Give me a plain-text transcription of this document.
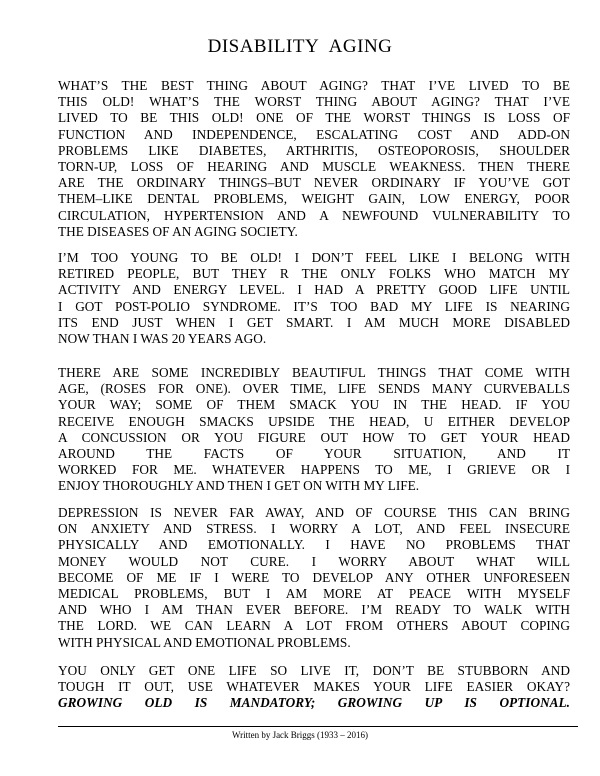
DISABILITY AGING
WHAT’S THE BEST THING ABOUT AGING? THAT I’VE LIVED TO BE
THIS OLD! WHAT’S THE WORST THING ABOUT AGING? THAT I’VE
LIVED TO BE THIS OLD! ONE OF THE WORST THINGS IS LOSS OF
FUNCTION AND INDEPENDENCE, ESCALATING COST AND ADD-ON
PROBLEMS LIKE DIABETES, ARTHRITIS, OSTEOPOROSIS, SHOULDER
TORN-UP, LOSS OF HEARING AND MUSCLE WEAKNESS. THEN THERE
ARE THE ORDINARY THINGS–BUT NEVER ORDINARY IF YOU’VE GOT
THEM–LIKE DENTAL PROBLEMS, WEIGHT GAIN, LOW ENERGY, POOR
CIRCULATION, HYPERTENSION AND A NEWFOUND VULNERABILITY TO
THE DISEASES OF AN AGING SOCIETY.
I’M TOO YOUNG TO BE OLD! I DON’T FEEL LIKE I BELONG WITH
RETIRED PEOPLE, BUT THEY R THE ONLY FOLKS WHO MATCH MY
ACTIVITY AND ENERGY LEVEL. I HAD A PRETTY GOOD LIFE UNTIL
I GOT POST-POLIO SYNDROME. IT’S TOO BAD MY LIFE IS NEARING
ITS END JUST WHEN I GET SMART. I AM MUCH MORE DISABLED
NOW THAN I WAS 20 YEARS AGO.
THERE ARE SOME INCREDIBLY BEAUTIFUL THINGS THAT COME WITH
AGE, (ROSES FOR ONE). OVER TIME, LIFE SENDS MANY CURVEBALLS
YOUR WAY; SOME OF THEM SMACK YOU IN THE HEAD. IF YOU
RECEIVE ENOUGH SMACKS UPSIDE THE HEAD, U EITHER DEVELOP
A CONCUSSION OR YOU FIGURE OUT HOW TO GET YOUR HEAD
AROUND THE FACTS OF YOUR SITUATION, AND IT
WORKED FOR ME. WHATEVER HAPPENS TO ME, I GRIEVE OR I
ENJOY THOROUGHLY AND THEN I GET ON WITH MY LIFE.
DEPRESSION IS NEVER FAR AWAY, AND OF COURSE THIS CAN BRING
ON ANXIETY AND STRESS. I WORRY A LOT, AND FEEL INSECURE
PHYSICALLY AND EMOTIONALLY. I HAVE NO PROBLEMS THAT
MONEY WOULD NOT CURE. I WORRY ABOUT WHAT WILL
BECOME OF ME IF I WERE TO DEVELOP ANY OTHER UNFORESEEN
MEDICAL PROBLEMS, BUT I AM MORE AT PEACE WITH MYSELF
AND WHO I AM THAN EVER BEFORE. I’M READY TO WALK WITH
THE LORD. WE CAN LEARN A LOT FROM OTHERS ABOUT COPING
WITH PHYSICAL AND EMOTIONAL PROBLEMS.
YOU ONLY GET ONE LIFE SO LIVE IT, DON’T BE STUBBORN AND
TOUGH IT OUT, USE WHATEVER MAKES YOUR LIFE EASIER OKAY?
GROWING OLD IS MANDATORY; GROWING UP IS OPTIONAL.
Written by Jack Briggs (1933 – 2016)
